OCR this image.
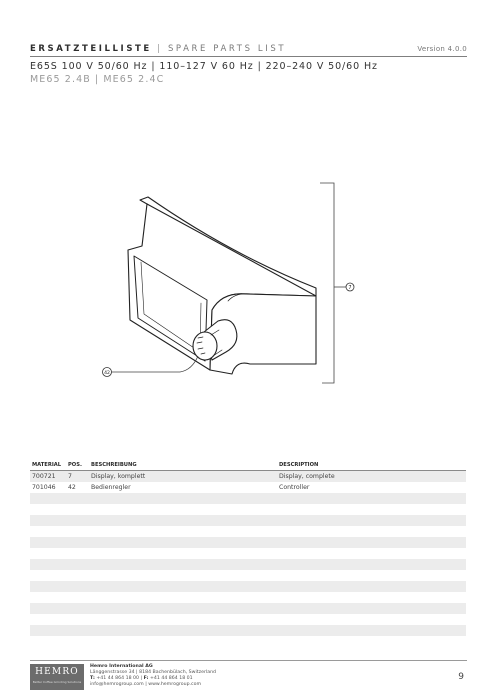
ERSATZTEILLISTE | SPARE PARTS LIST	Version 4.0.0
E65S 100 V 50/60 Hz | 110–127 V 60 Hz | 220–240 V 50/60 Hz
ME65 2.4B | ME65 2.4C
7
42
MATERIAL	POS.	BESCHREIBUNG	DESCRIPTION
700721	7	Display, komplett	Display, complete
701046	42	Bedienregler	Controller
HEMRO
Better Coffee Grinding Solutions
Hemro International AG
Länggenstrasse 34 | 8184 Bachenbülach, Switzerland
T: +41 44 864 18 00 | F: +41 44 864 18 01
info@hemrogroup.com | www.hemrogroup.com
9
